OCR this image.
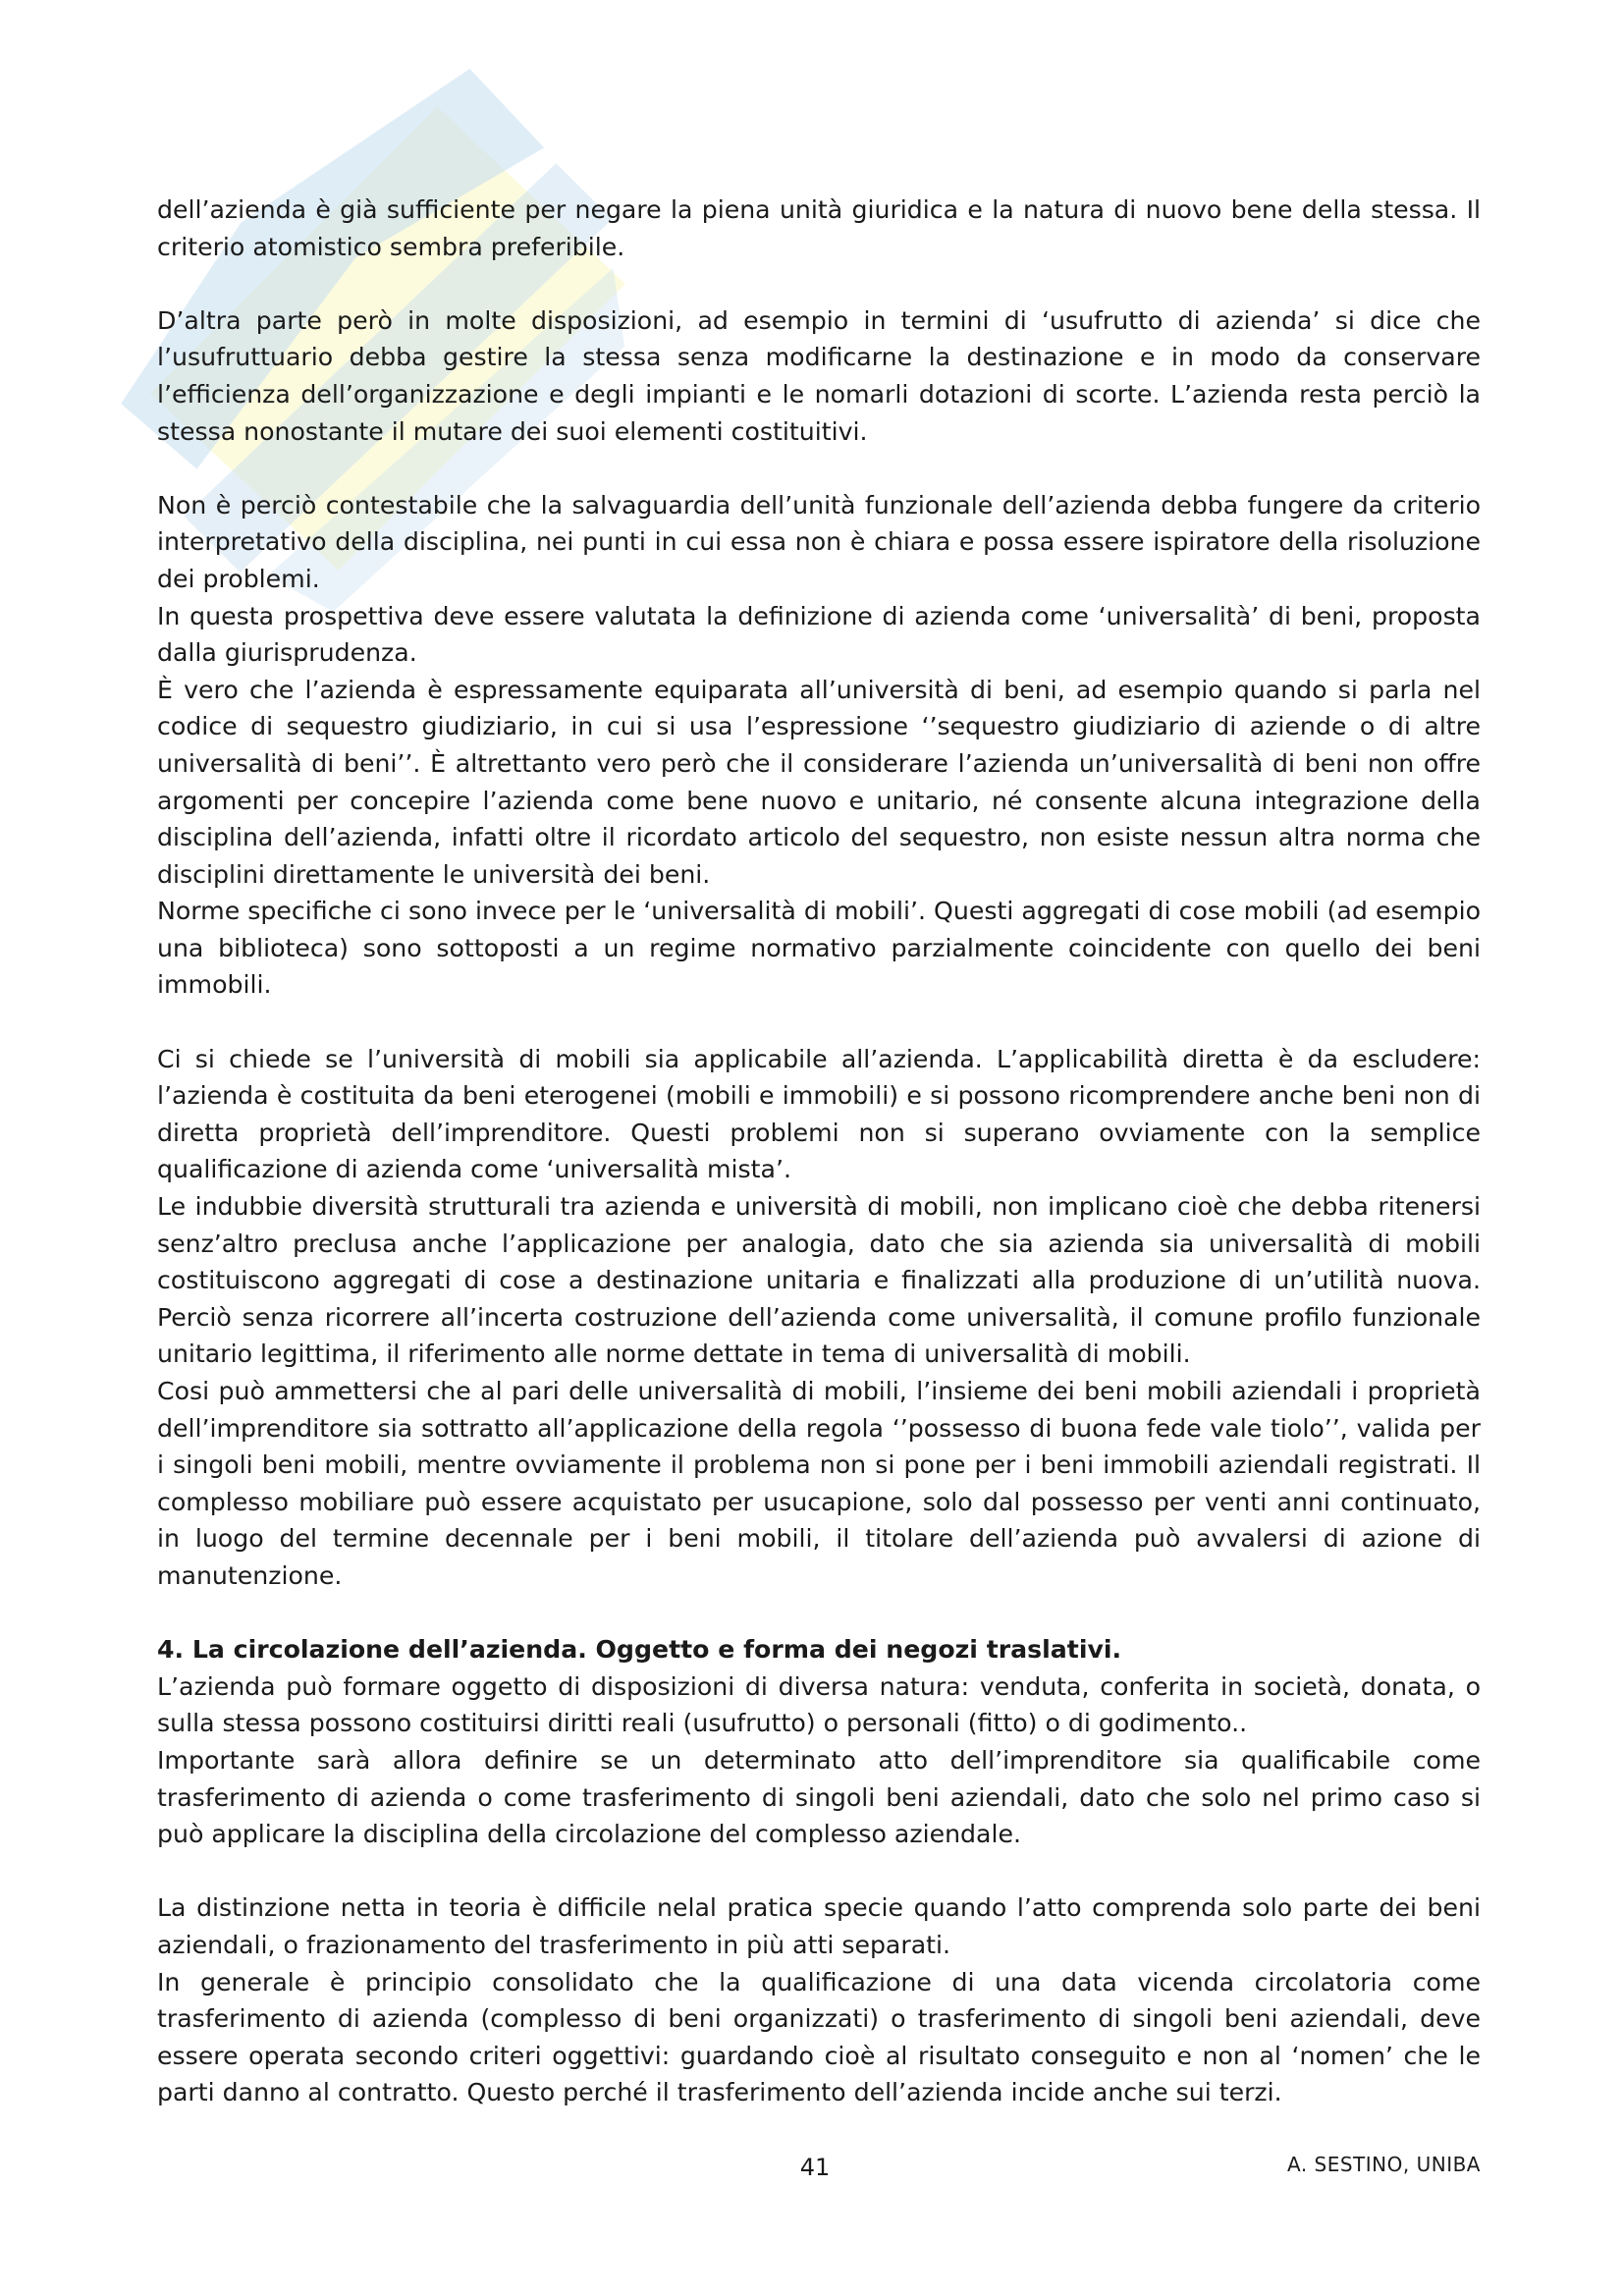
dell’azienda è già sufficiente per negare la piena unità giuridica e la natura di nuovo bene della stessa. Il criterio atomistico sembra preferibile.

D’altra parte però in molte disposizioni, ad esempio in termini di ‘usufrutto di azienda’ si dice che l’usufruttuario debba gestire la stessa senza modificarne la destinazione e in modo da conservare l’efficienza dell’organizzazione e degli impianti e le nomarli dotazioni di scorte. L’azienda resta perciò la stessa nonostante il mutare dei suoi elementi costituitivi.

Non è perciò contestabile che la salvaguardia dell’unità funzionale dell’azienda debba fungere da criterio interpretativo della disciplina, nei punti in cui essa non è chiara e possa essere ispiratore della risoluzione dei problemi.

In questa prospettiva deve essere valutata la definizione di azienda come ‘universalità’ di beni, proposta dalla giurisprudenza.

È vero che l’azienda è espressamente equiparata all’università di beni, ad esempio quando si parla nel codice di sequestro giudiziario, in cui si usa l’espressione ‘’sequestro giudiziario di aziende o di altre universalità di beni’’. È altrettanto vero però che il considerare l’azienda un’universalità di beni non offre argomenti per concepire l’azienda come bene nuovo e unitario, né consente alcuna integrazione della disciplina dell’azienda, infatti oltre il ricordato articolo del sequestro, non esiste nessun altra norma che disciplini direttamente le università dei beni.

Norme specifiche ci sono invece per le ‘universalità di mobili’. Questi aggregati di cose mobili (ad esempio una biblioteca) sono sottoposti a un regime normativo parzialmente coincidente con quello dei beni immobili.

Ci si chiede se l’università di mobili sia applicabile all’azienda. L’applicabilità diretta è da escludere: l’azienda è costituita da beni eterogenei (mobili e immobili) e si possono ricomprendere anche beni non di diretta proprietà dell’imprenditore. Questi problemi non si superano ovviamente con la semplice qualificazione di azienda come ‘universalità mista’.

Le indubbie diversità strutturali tra azienda e università di mobili, non implicano cioè che debba ritenersi senz’altro preclusa anche l’applicazione per analogia, dato che sia azienda sia universalità di mobili costituiscono aggregati di cose a destinazione unitaria e finalizzati alla produzione di un’utilità nuova. Perciò senza ricorrere all’incerta costruzione dell’azienda come universalità, il comune profilo funzionale unitario legittima, il riferimento alle norme dettate in tema di universalità di mobili.

Cosi può ammettersi che al pari delle universalità di mobili, l’insieme dei beni mobili aziendali i proprietà dell’imprenditore sia sottratto all’applicazione della regola ‘’possesso di buona fede vale tiolo’’, valida per i singoli beni mobili, mentre ovviamente il problema non si pone per i beni immobili aziendali registrati. Il complesso mobiliare può essere acquistato per usucapione, solo dal possesso per venti anni continuato, in luogo del termine decennale per i beni mobili, il titolare dell’azienda può avvalersi di azione di manutenzione.

4. La circolazione dell’azienda. Oggetto e forma dei negozi traslativi.

L’azienda può formare oggetto di disposizioni di diversa natura: venduta, conferita in società, donata, o sulla stessa possono costituirsi diritti reali (usufrutto) o personali (fitto) o di godimento..

Importante sarà allora definire se un determinato atto dell’imprenditore sia qualificabile come trasferimento di azienda o come trasferimento di singoli beni aziendali, dato che solo nel primo caso si può applicare la disciplina della circolazione del complesso aziendale.

La distinzione netta in teoria è difficile nelal pratica specie quando l’atto comprenda solo parte dei beni aziendali, o frazionamento del trasferimento in più atti separati.

In generale è principio consolidato che la qualificazione di una data vicenda circolatoria come trasferimento di azienda (complesso di beni organizzati) o trasferimento di singoli beni aziendali, deve essere operata secondo criteri oggettivi: guardando cioè al risultato conseguito e non al ‘nomen’ che le parti danno al contratto. Questo perché il trasferimento dell’azienda incide anche sui terzi.

41	A. SESTINO, UNIBA
